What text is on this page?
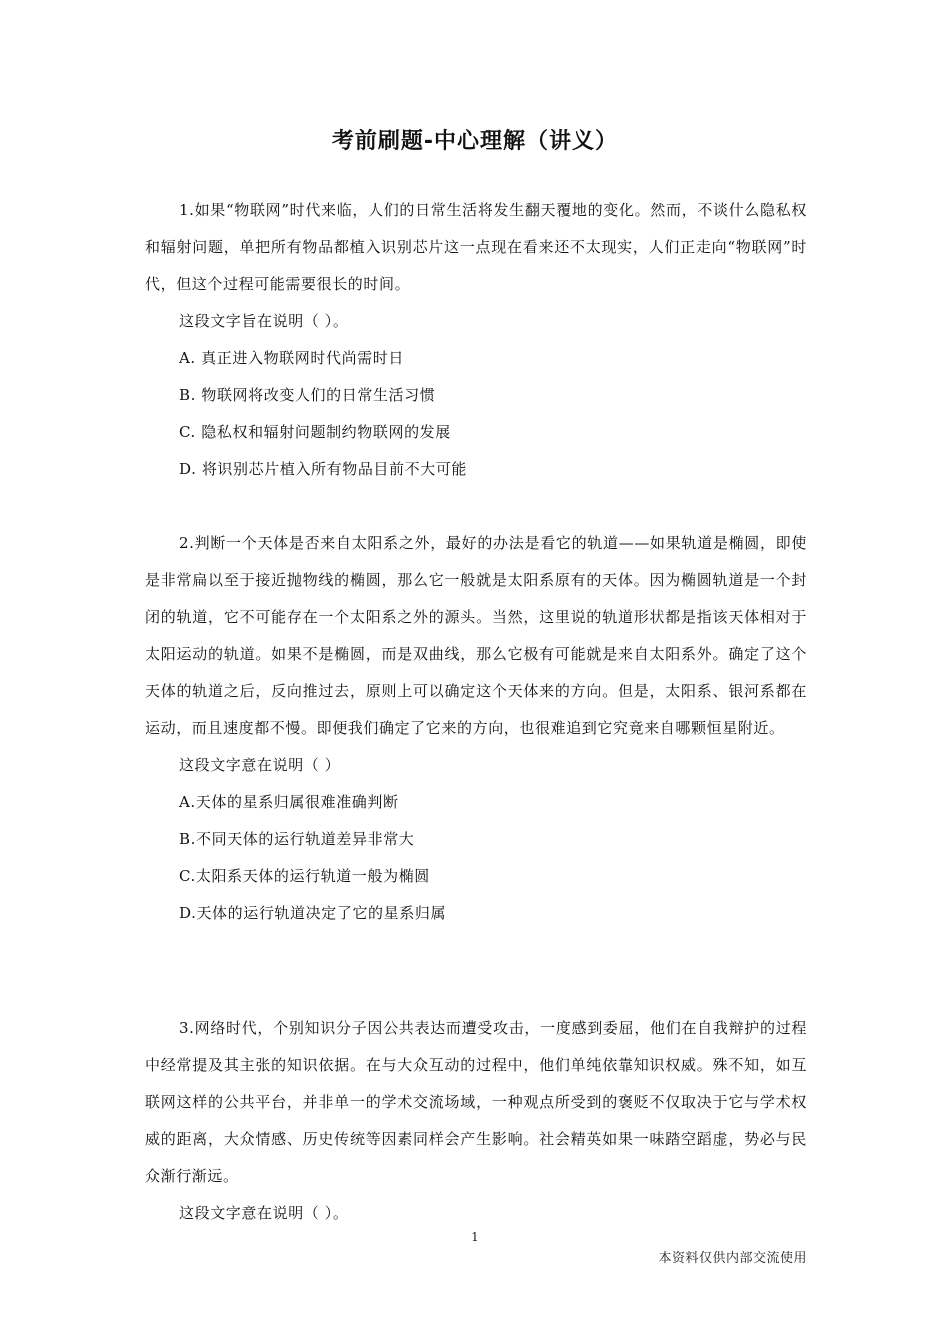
考前刷题-中心理解（讲义）

1.如果“物联网”时代来临，人们的日常生活将发生翻天覆地的变化。然而，不谈什么隐私权和辐射问题，单把所有物品都植入识别芯片这一点现在看来还不太现实，人们正走向“物联网”时代，但这个过程可能需要很长的时间。

这段文字旨在说明（ ）。

A. 真正进入物联网时代尚需时日

B. 物联网将改变人们的日常生活习惯

C. 隐私权和辐射问题制约物联网的发展

D. 将识别芯片植入所有物品目前不大可能

2.判断一个天体是否来自太阳系之外，最好的办法是看它的轨道——如果轨道是椭圆，即使是非常扁以至于接近抛物线的椭圆，那么它一般就是太阳系原有的天体。因为椭圆轨道是一个封闭的轨道，它不可能存在一个太阳系之外的源头。当然，这里说的轨道形状都是指该天体相对于太阳运动的轨道。如果不是椭圆，而是双曲线，那么它极有可能就是来自太阳系外。确定了这个天体的轨道之后，反向推过去，原则上可以确定这个天体来的方向。但是，太阳系、银河系都在运动，而且速度都不慢。即便我们确定了它来的方向，也很难追到它究竟来自哪颗恒星附近。

这段文字意在说明（ ）

A.天体的星系归属很难准确判断

B.不同天体的运行轨道差异非常大

C.太阳系天体的运行轨道一般为椭圆

D.天体的运行轨道决定了它的星系归属

3.网络时代，个别知识分子因公共表达而遭受攻击，一度感到委屈，他们在自我辩护的过程中经常提及其主张的知识依据。在与大众互动的过程中，他们单纯依靠知识权威。殊不知，如互联网这样的公共平台，并非单一的学术交流场域，一种观点所受到的褒贬不仅取决于它与学术权威的距离，大众情感、历史传统等因素同样会产生影响。社会精英如果一味踏空蹈虚，势必与民众渐行渐远。

这段文字意在说明（ ）。

1
本资料仅供内部交流使用
